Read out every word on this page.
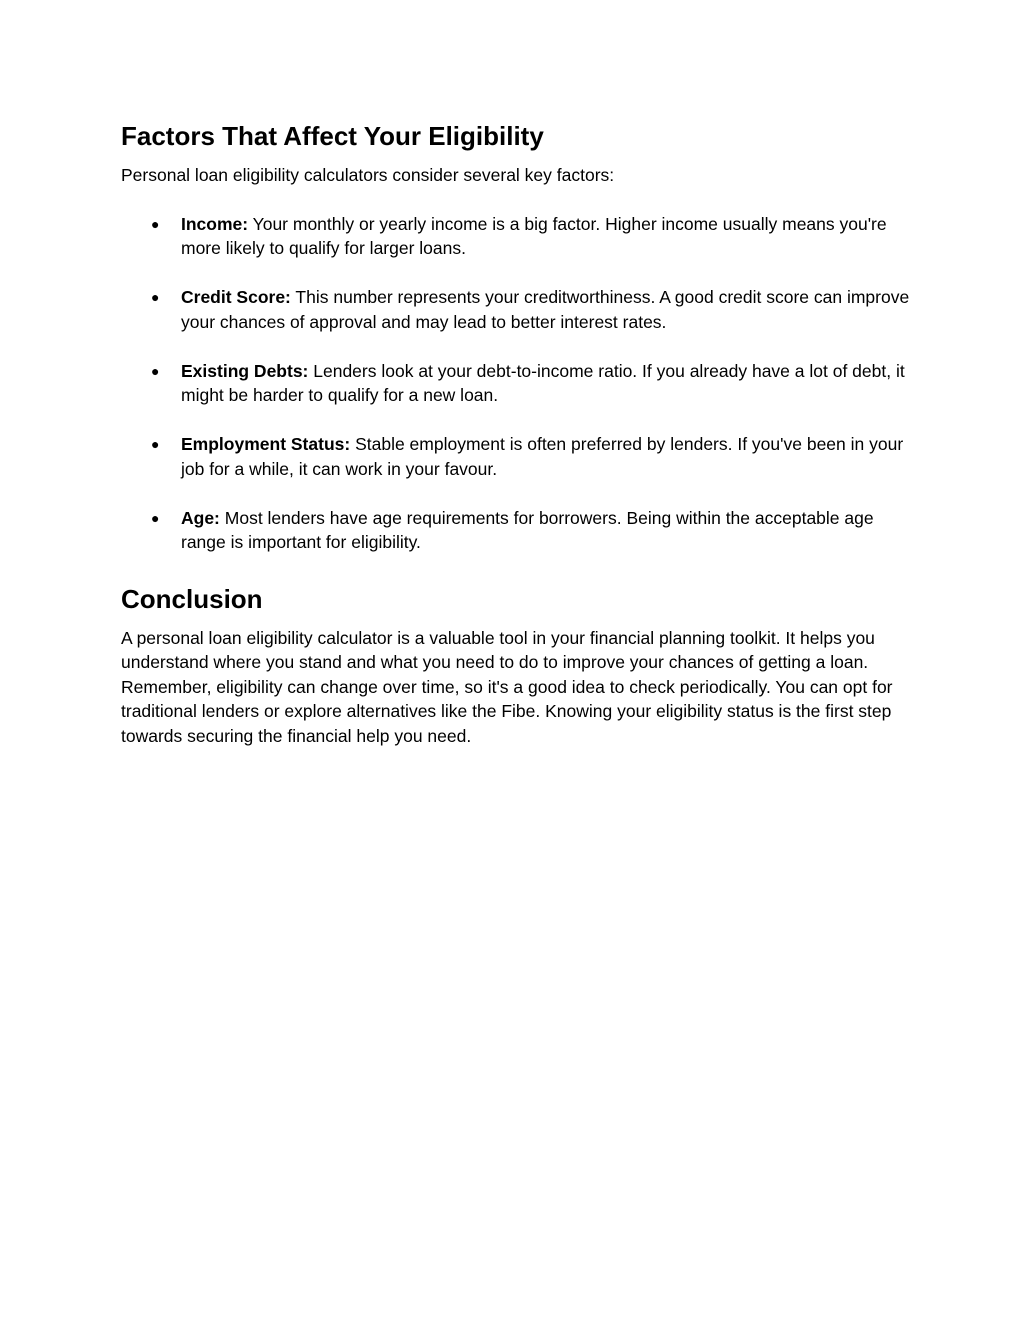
Factors That Affect Your Eligibility

Personal loan eligibility calculators consider several key factors:

● Income: Your monthly or yearly income is a big factor. Higher income usually means you're more likely to qualify for larger loans.
● Credit Score: This number represents your creditworthiness. A good credit score can improve your chances of approval and may lead to better interest rates.
● Existing Debts: Lenders look at your debt-to-income ratio. If you already have a lot of debt, it might be harder to qualify for a new loan.
● Employment Status: Stable employment is often preferred by lenders. If you've been in your job for a while, it can work in your favour.
● Age: Most lenders have age requirements for borrowers. Being within the acceptable age range is important for eligibility.
Conclusion

A personal loan eligibility calculator is a valuable tool in your financial planning toolkit. It helps you understand where you stand and what you need to do to improve your chances of getting a loan. Remember, eligibility can change over time, so it's a good idea to check periodically. You can opt for traditional lenders or explore alternatives like the Fibe. Knowing your eligibility status is the first step towards securing the financial help you need.
